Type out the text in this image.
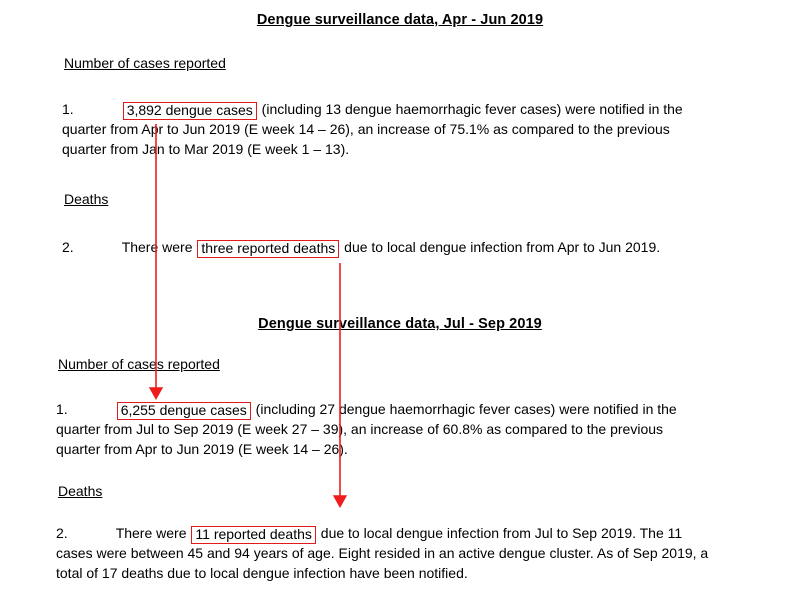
Dengue surveillance data, Apr - Jun 2019
Number of cases reported
1.	3,892 dengue cases (including 13 dengue haemorrhagic fever cases) were notified in the quarter from Apr to Jun 2019 (E week 14 – 26), an increase of 75.1% as compared to the previous quarter from Jan to Mar 2019 (E week 1 – 13).
Deaths
2.	There were three reported deaths due to local dengue infection from Apr to Jun 2019.
Dengue surveillance data, Jul - Sep 2019
Number of cases reported
1.	6,255 dengue cases (including 27 dengue haemorrhagic fever cases) were notified in the quarter from Jul to Sep 2019 (E week 27 – 39), an increase of 60.8% as compared to the previous quarter from Apr to Jun 2019 (E week 14 – 26).
Deaths
2.	There were 11 reported deaths due to local dengue infection from Jul to Sep 2019. The 11 cases were between 45 and 94 years of age. Eight resided in an active dengue cluster. As of Sep 2019, a total of 17 deaths due to local dengue infection have been notified.
